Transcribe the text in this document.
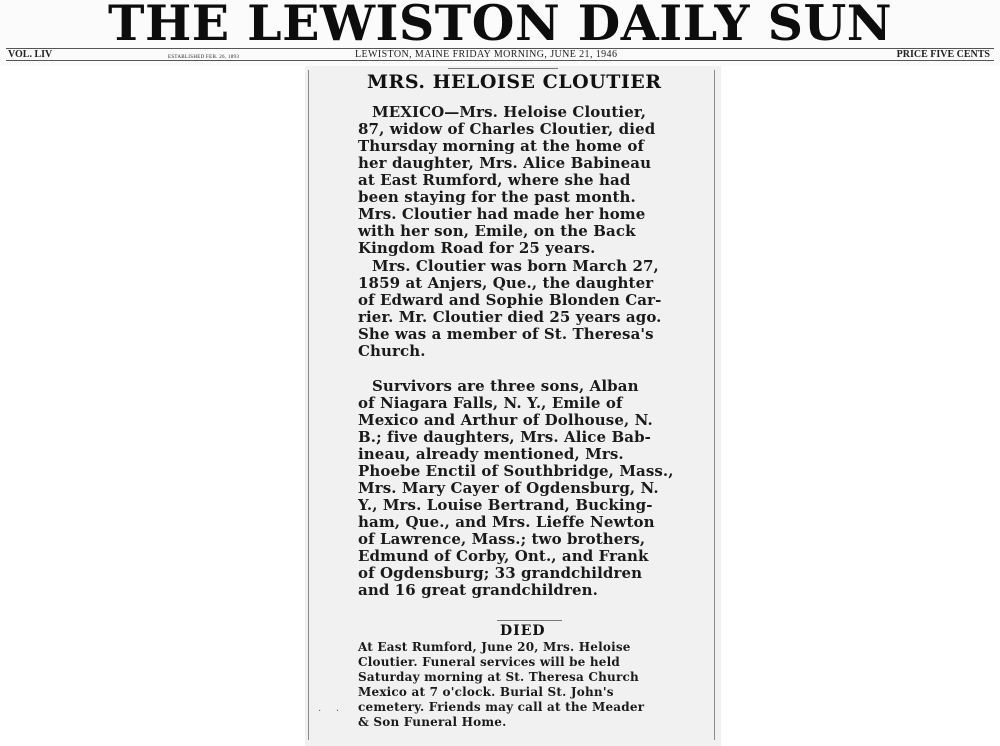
THE LEWISTON DAILY SUN
VOL. LIV	ESTABLISHED FEB. 26, 1893	LEWISTON, MAINE FRIDAY MORNING, JUNE 21, 1946	PRICE FIVE CENTS
MRS. HELOISE CLOUTIER
MEXICO—Mrs. Heloise Cloutier,
87, widow of Charles Cloutier, died
Thursday morning at the home of
her daughter, Mrs. Alice Babineau
at East Rumford, where she had
been staying for the past month.
Mrs. Cloutier had made her home
with her son, Emile, on the Back
Kingdom Road for 25 years.
Mrs. Cloutier was born March 27,
1859 at Anjers, Que., the daughter
of Edward and Sophie Blonden Car-
rier. Mr. Cloutier died 25 years ago.
She was a member of St. Theresa's
Church.
Survivors are three sons, Alban
of Niagara Falls, N. Y., Emile of
Mexico and Arthur of Dolhouse, N.
B.; five daughters, Mrs. Alice Bab-
ineau, already mentioned, Mrs.
Phoebe Enctil of Southbridge, Mass.,
Mrs. Mary Cayer of Ogdensburg, N.
Y., Mrs. Louise Bertrand, Bucking-
ham, Que., and Mrs. Lieffe Newton
of Lawrence, Mass.; two brothers,
Edmund of Corby, Ont., and Frank
of Ogdensburg; 33 grandchildren
and 16 great grandchildren.
DIED
At East Rumford, June 20, Mrs. Heloise
Cloutier. Funeral services will be held
Saturday morning at St. Theresa Church
Mexico at 7 o'clock. Burial St. John's
cemetery. Friends may call at the Meader
& Son Funeral Home.
· ·
